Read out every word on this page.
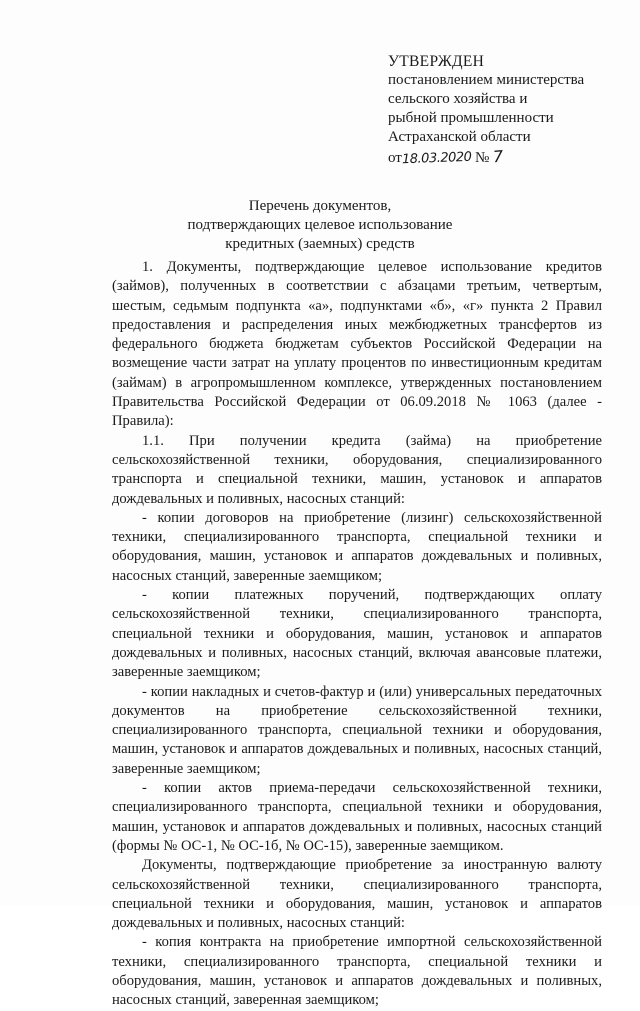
УТВЕРЖДЕН
постановлением министерства
сельского хозяйства и
рыбной промышленности
Астраханской области
от18.03.2020 № 7
Перечень документов,
подтверждающих целевое использование
кредитных (заемных) средств

1. Документы, подтверждающие целевое использование кредитов (займов), полученных в соответствии с абзацами третьим, четвертым, шестым, седьмым подпункта «а», подпунктами «б», «г» пункта 2 Правил предоставления и распределения иных межбюджетных трансфертов из федерального бюджета бюджетам субъектов Российской Федерации на возмещение части затрат на уплату процентов по инвестиционным кредитам (займам) в агропромышленном комплексе, утвержденных постановлением Правительства Российской Федерации от 06.09.2018 № 1063 (далее - Правила):

1.1. При получении кредита (займа) на приобретение сельскохозяйственной техники, оборудования, специализированного транспорта и специальной техники, машин, установок и аппаратов дождевальных и поливных, насосных станций:

- копии договоров на приобретение (лизинг) сельскохозяйственной техники, специализированного транспорта, специальной техники и оборудования, машин, установок и аппаратов дождевальных и поливных, насосных станций, заверенные заемщиком;

- копии платежных поручений, подтверждающих оплату сельскохозяйственной техники, специализированного транспорта, специальной техники и оборудования, машин, установок и аппаратов дождевальных и поливных, насосных станций, включая авансовые платежи, заверенные заемщиком;

- копии накладных и счетов-фактур и (или) универсальных передаточных документов на приобретение сельскохозяйственной техники, специализированного транспорта, специальной техники и оборудования, машин, установок и аппаратов дождевальных и поливных, насосных станций, заверенные заемщиком;

- копии актов приема-передачи сельскохозяйственной техники, специализированного транспорта, специальной техники и оборудования, машин, установок и аппаратов дождевальных и поливных, насосных станций (формы № ОС-1, № ОС-1б, № ОС-15), заверенные заемщиком.

Документы, подтверждающие приобретение за иностранную валюту сельскохозяйственной техники, специализированного транспорта, специальной техники и оборудования, машин, установок и аппаратов дождевальных и поливных, насосных станций:

- копия контракта на приобретение импортной сельскохозяйственной техники, специализированного транспорта, специальной техники и оборудования, машин, установок и аппаратов дождевальных и поливных, насосных станций, заверенная заемщиком;
